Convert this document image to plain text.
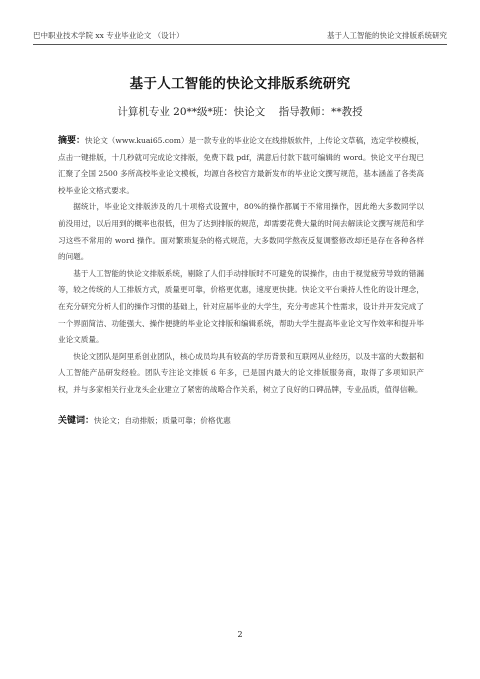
巴中职业技术学院 xx 专业毕业论文 （设计）	基于人工智能的快论文排版系统研究
基于人工智能的快论文排版系统研究
计算机专业 20**级*班：快论文    指导教师：**教授

摘要：快论文（www.kuai65.com）是一款专业的毕业论文在线排版软件，上传论文草稿，选定学校模板，点击一键排版，十几秒就可完成论文排版，免费下载 pdf，满意后付款下载可编辑的 word。快论文平台现已汇聚了全国 2500 多所高校毕业论文模板，均源自各校官方最新发布的毕业论文撰写规范，基本涵盖了各类高校毕业论文格式要求。

据统计，毕业论文排版涉及的几十项格式设置中，80%的操作都属于不常用操作，因此绝大多数同学以前没用过，以后用到的概率也很低，但为了达到排版的规范，却需要花费大量的时间去解读论文撰写规范和学习这些不常用的 word 操作。面对繁琐复杂的格式规范，大多数同学熬夜反复调整修改却还是存在各种各样的问题。

基于人工智能的快论文排版系统，剔除了人们手动排版时不可避免的误操作，由由于视觉疲劳导致的错漏等，较之传统的人工排版方式，质量更可靠，价格更优惠，速度更快捷。快论文平台秉持人性化的设计理念，在充分研究分析人们的操作习惯的基础上，针对应届毕业的大学生，充分考虑其个性需求，设计并开发完成了一个界面简洁、功能强大、操作便捷的毕业论文排版和编辑系统，帮助大学生提高毕业论文写作效率和提升毕业论文质量。

快论文团队是阿里系创业团队，核心成员均具有较高的学历背景和互联网从业经历，以及丰富的大数据和人工智能产品研发经验。团队专注论文排版 6 年多，已是国内最大的论文排版服务商，取得了多项知识产权，并与多家相关行业龙头企业建立了紧密的战略合作关系，树立了良好的口碑品牌，专业品质，值得信赖。

关键词：快论文；自动排版；质量可靠；价格优惠

2
